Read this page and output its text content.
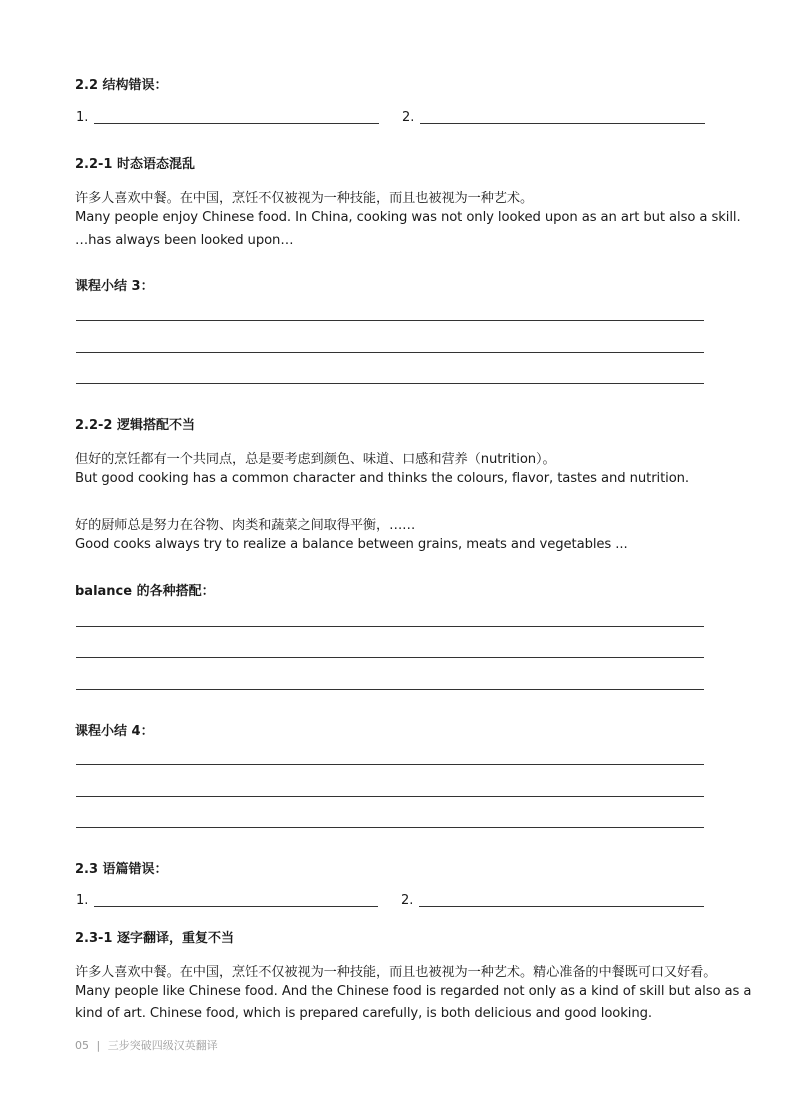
2.2 结构错误：
1.	2.
2.2-1 时态语态混乱
许多人喜欢中餐。在中国，烹饪不仅被视为一种技能，而且也被视为一种艺术。
Many people enjoy Chinese food. In China, cooking was not only looked upon as an art but also a skill.
…has always been looked upon…
课程小结 3：
2.2-2 逻辑搭配不当
但好的烹饪都有一个共同点，总是要考虑到颜色、味道、口感和营养（nutrition）。
But good cooking has a common character and thinks the colours, flavor, tastes and nutrition.
好的厨师总是努力在谷物、肉类和蔬菜之间取得平衡，……
Good cooks always try to realize a balance between grains, meats and vegetables ...
balance 的各种搭配：
课程小结 4：
2.3 语篇错误：
1.	2.
2.3-1 逐字翻译，重复不当
许多人喜欢中餐。在中国，烹饪不仅被视为一种技能，而且也被视为一种艺术。精心准备的中餐既可口又好看。
Many people like Chinese food. And the Chinese food is regarded not only as a kind of skill but also as a
kind of art. Chinese food, which is prepared carefully, is both delicious and good looking.
05 | 三步突破四级汉英翻译
